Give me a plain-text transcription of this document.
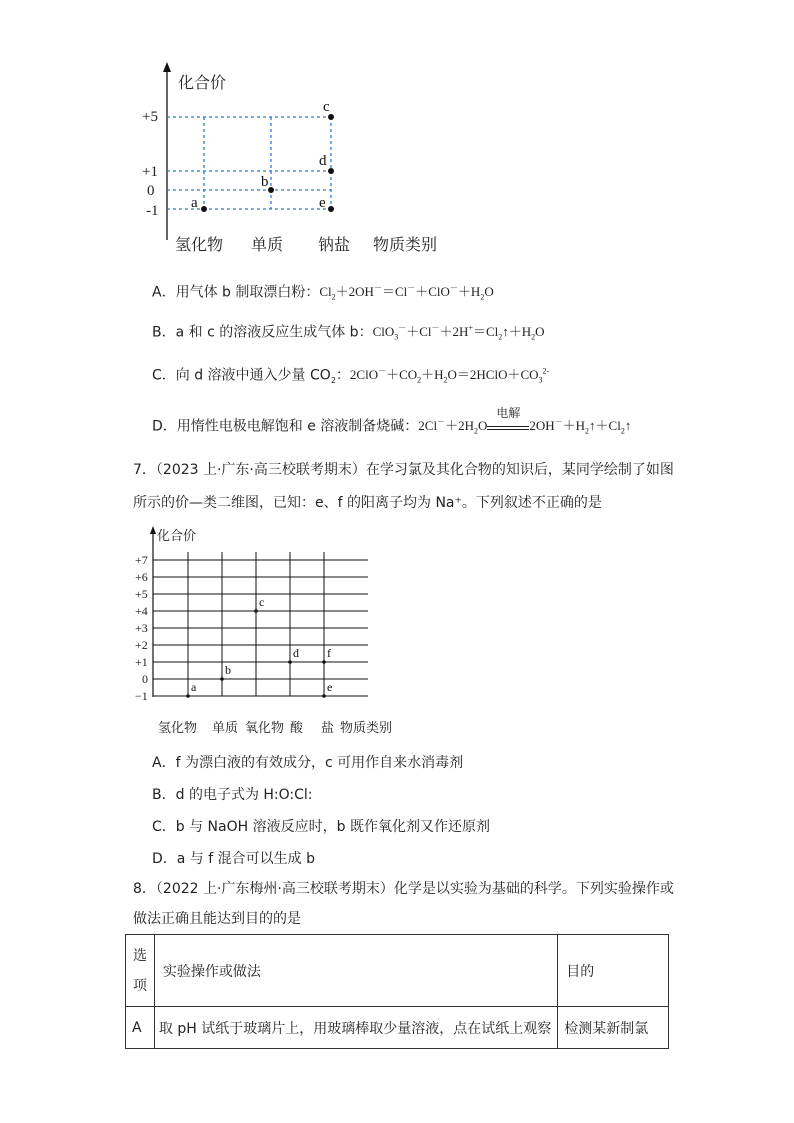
a
b
c
d
e
化合价
+5
+1
0
-1
氢化物 单质 钠盐 物质类别
A．用气体 b 制取漂白粉：$Cl_2+2OH^-=Cl^-+ClO^-+H_2O$
B．a 和 c 的溶液反应生成气体 b：$ClO_3^-+Cl^-+2H^+=Cl_2↑+H_2O$
C．向 d 溶液中通入少量 $CO_2$：$2ClO^-+CO_2+H_2O=2HClO+CO_3^{2-}$
D．用惰性电极电解饱和 e 溶液制备烧碱：$2Cl^-+2H_2O$
电解
$2OH^-+H_2↑+Cl_2↑$
7．（2023 上·广东·高三校联考期末）在学习氯及其化合物的知识后，某同学绘制了如图
所示的价—类二维图，已知：e、f 的阳离子均为 Na⁺。下列叙述不正确的是
a
b
c
d
e
f
化合价
+7
+6
+5
+4
+3
+2
+1
0
−1
氢化物 单质 氧化物 酸 盐 物质类别
A．f 为漂白液的有效成分，c 可用作自来水消毒剂
B．d 的电子式为 H:O:Cl:
C．b 与 NaOH 溶液反应时，b 既作氧化剂又作还原剂
D．a 与 f 混合可以生成 b
8．（2022 上·广东梅州·高三校联考期末）化学是以实验为基础的科学。下列实验操作或
做法正确且能达到目的的是
选
项	实验操作或做法	目的
A	取 pH 试纸于玻璃片上，用玻璃棒取少量溶液，点在试纸上观察	检测某新制氯
